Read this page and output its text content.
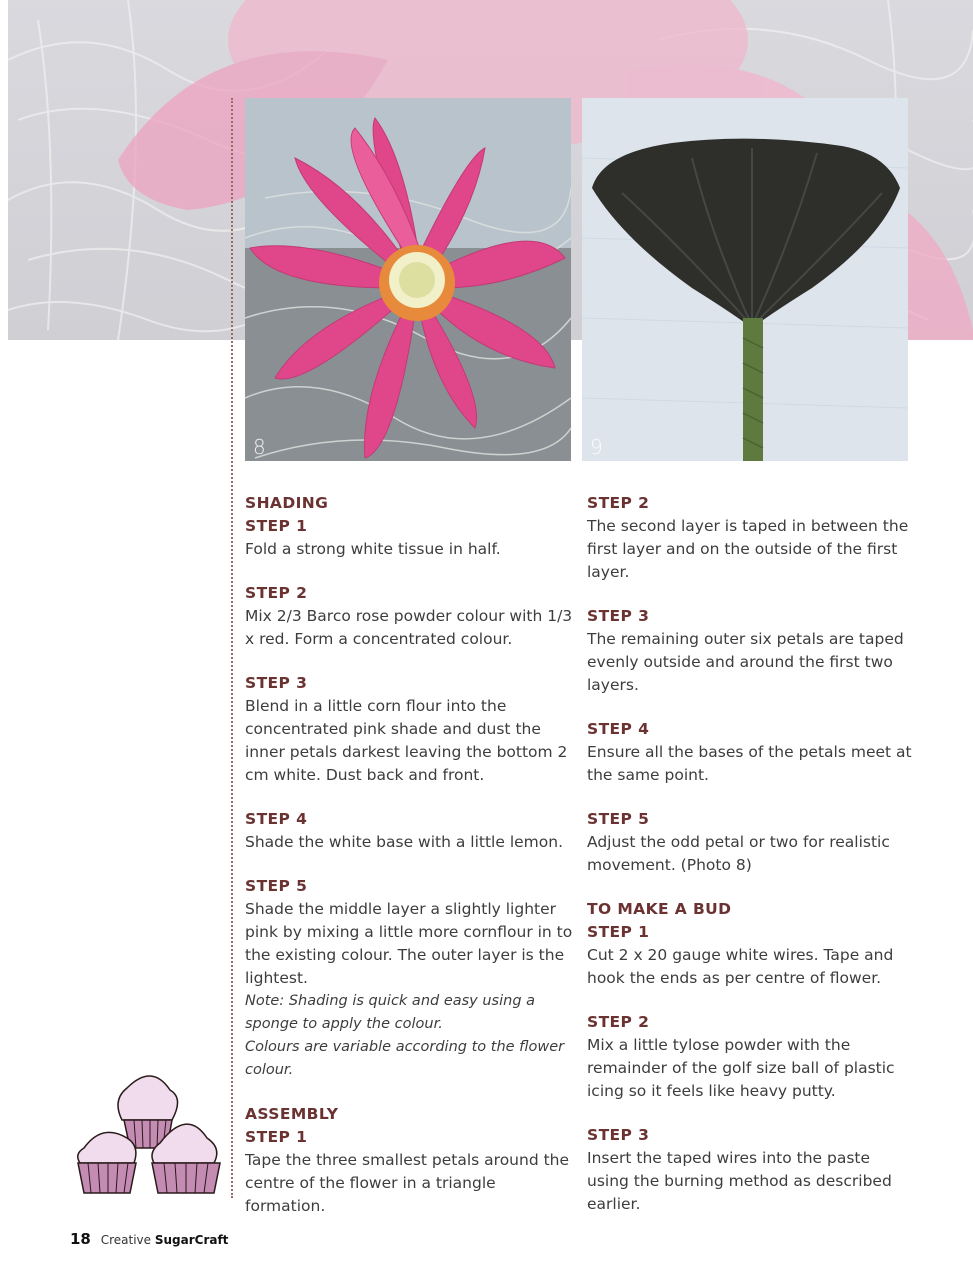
8	9
SHADING
STEP 1

Fold a strong white tissue in half.

STEP 2

Mix 2/3 Barco rose powder colour with 1/3 x red. Form a concentrated colour.

STEP 3

Blend in a little corn flour into the concentrated pink shade and dust the inner petals darkest leaving the bottom 2 cm white. Dust back and front.

STEP 4

Shade the white base with a little lemon.

STEP 5

Shade the middle layer a slightly lighter pink by mixing a little more cornflour in to the existing colour. The outer layer is the lightest.

Note: Shading is quick and easy using a sponge to apply the colour.

Colours are variable according to the flower colour.

ASSEMBLY
STEP 1

Tape the three smallest petals around the centre of the flower in a triangle formation.

STEP 2

The second layer is taped in between the first layer and on the outside of the first layer.

STEP 3

The remaining outer six petals are taped evenly outside and around the first two layers.

STEP 4

Ensure all the bases of the petals meet at the same point.

STEP 5

Adjust the odd petal or two for realistic movement. (Photo 8)

TO MAKE A BUD
STEP 1

Cut 2 x 20 gauge white wires. Tape and hook the ends as per centre of flower.

STEP 2

Mix a little tylose powder with the remainder of the golf size ball of plastic icing so it feels like heavy putty.

STEP 3

Insert the taped wires into the paste using the burning method as described earlier.

18 Creative SugarCraft
